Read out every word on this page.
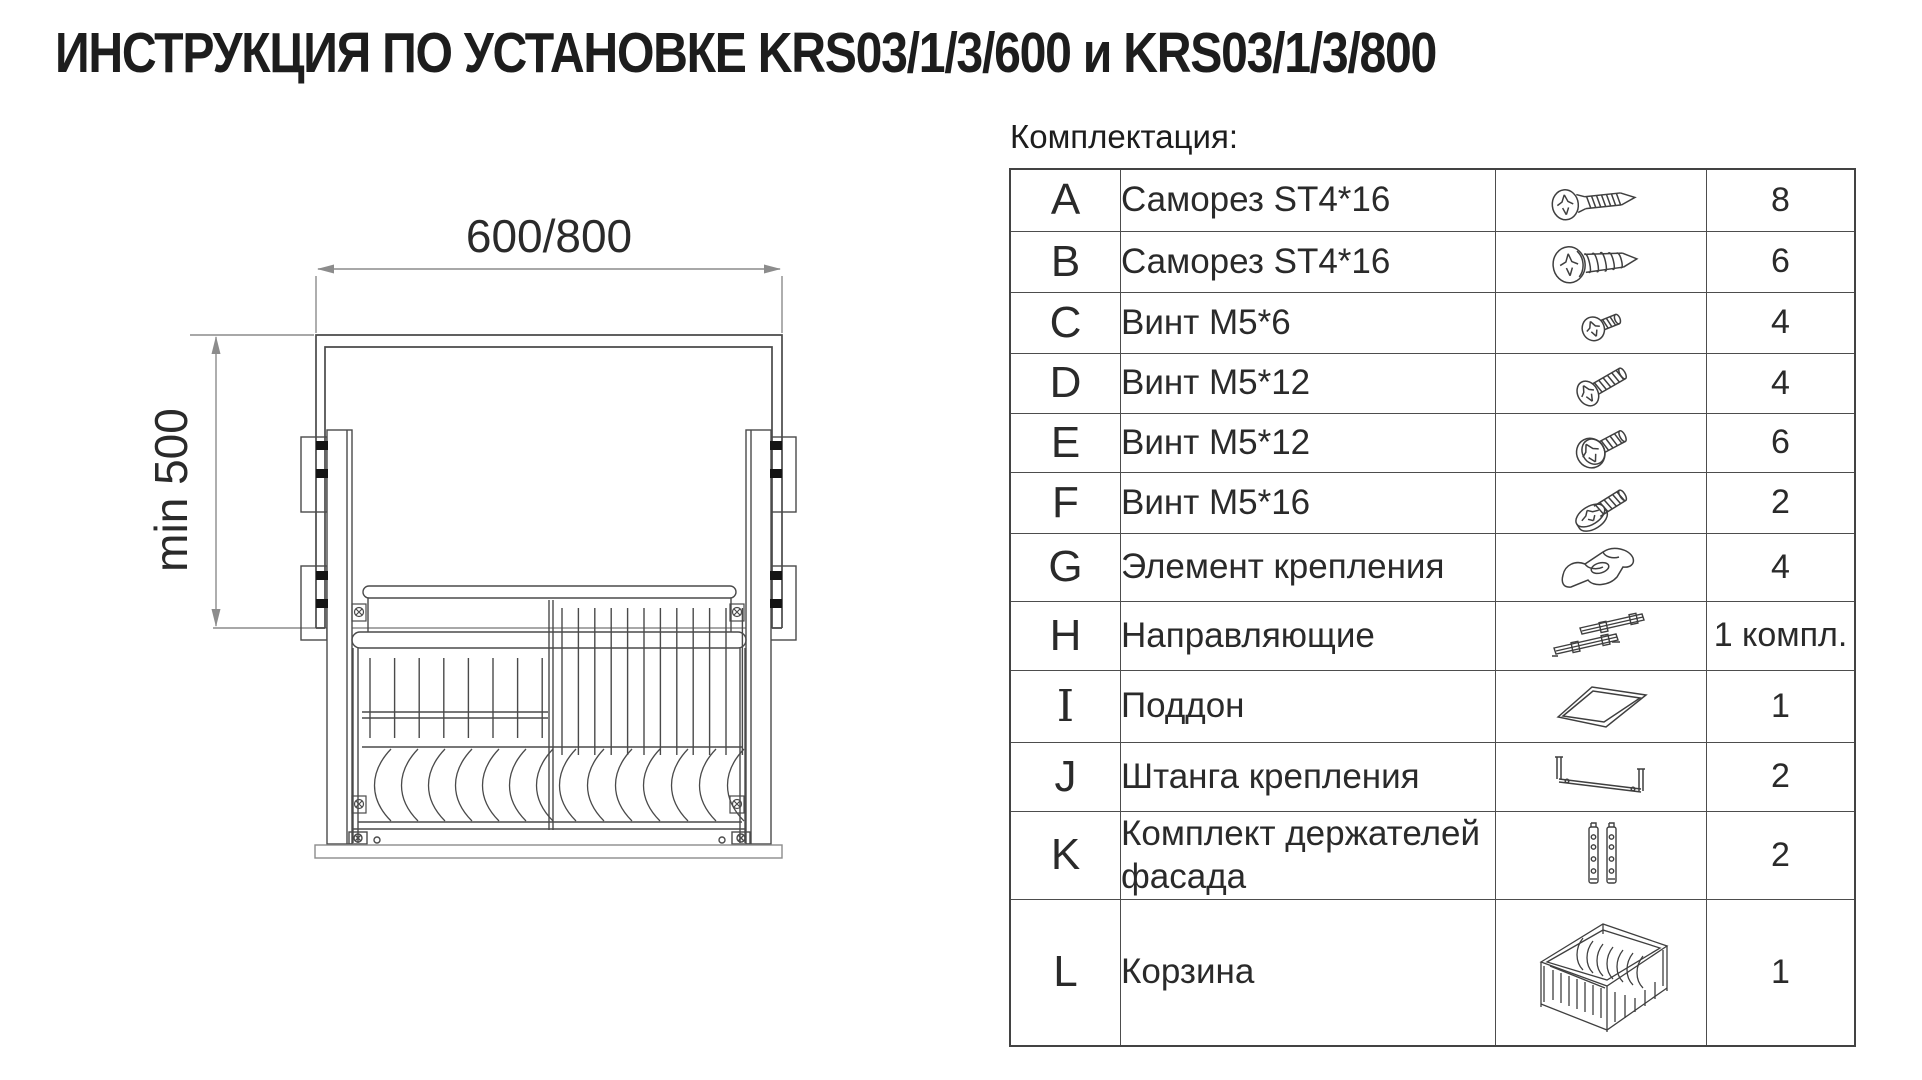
ИНСТРУКЦИЯ ПО УСТАНОВКЕ KRS03/1/3/600 и KRS03/1/3/800
600/800
min 500
Комплектация:
A	Саморез ST4*16		8
B	Саморез ST4*16		6
C	Винт М5*6		4
D	Винт М5*12		4
E	Винт М5*12		6
F	Винт М5*16		2
G	Элемент крепления		4
H	Направляющие		1 компл.
I	Поддон		1
J	Штанга крепления		2
K	Комплект держателей фасада		2
L	Корзина		1
